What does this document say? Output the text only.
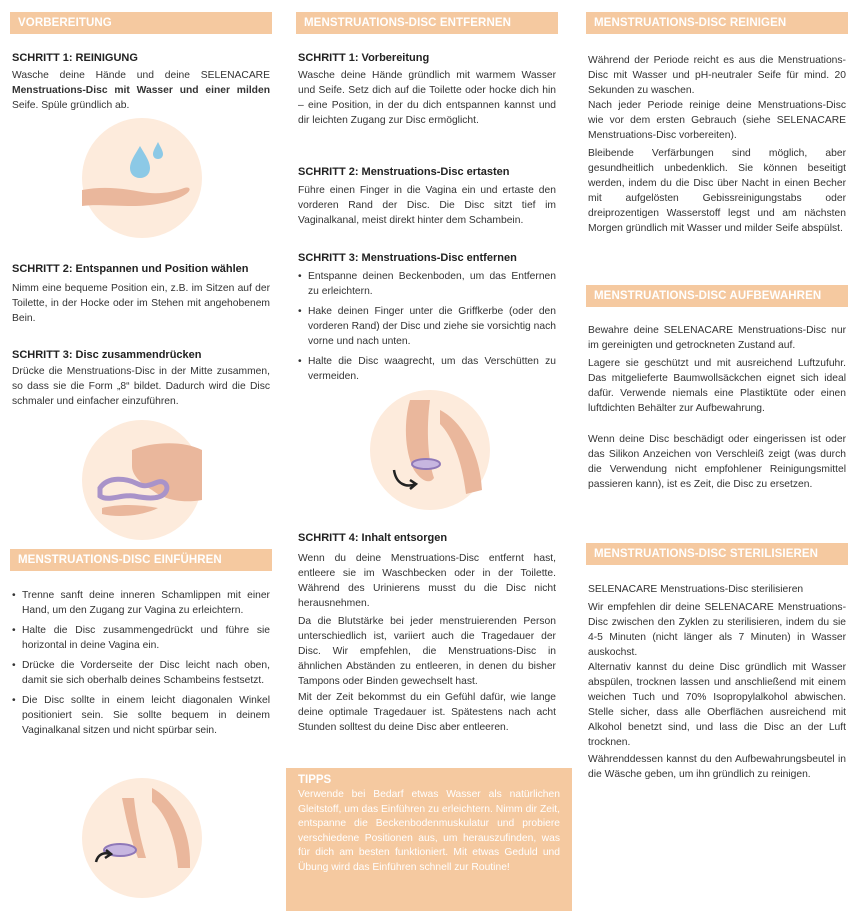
VORBEREITUNG
SCHRITT 1: REINIGUNG

Wasche deine Hände und deine SELENACARE Menstruations-Disc mit Wasser und einer milden Seife. Spüle gründlich ab.

SCHRITT 2: Entspannen und Position wählen

Nimm eine bequeme Position ein, z.B. im Sitzen auf der Toilette, in der Hocke oder im Stehen mit angehobenem Bein.

SCHRITT 3: Disc zusammendrücken

Drücke die Menstruations-Disc in der Mitte zusammen, so dass sie die Form „8“ bildet. Dadurch wird die Disc schmaler und einfacher einzuführen.

MENSTRUATIONS-DISC EINFÜHREN
• Trenne sanft deine inneren Schamlippen mit einer Hand, um den Zugang zur Vagina zu erleichtern.
• Halte die Disc zusammengedrückt und führe sie horizontal in deine Vagina ein.
• Drücke die Vorderseite der Disc leicht nach oben, damit sie sich oberhalb deines Schambeins festsetzt.
• Die Disc sollte in einem leicht diagonalen Winkel positioniert sein. Sie sollte bequem in deinem Vaginalkanal sitzen und nicht spürbar sein.
MENSTRUATIONS-DISC ENTFERNEN
SCHRITT 1: Vorbereitung

Wasche deine Hände gründlich mit warmem Wasser und Seife. Setz dich auf die Toilette oder hocke dich hin – eine Position, in der du dich entspannen kannst und dir leichten Zugang zur Disc ermöglicht.

SCHRITT 2: Menstruations-Disc ertasten

Führe einen Finger in die Vagina ein und ertaste den vorderen Rand der Disc. Die Disc sitzt tief im Vaginalkanal, meist direkt hinter dem Schambein.

SCHRITT 3: Menstruations-Disc entfernen
• Entspanne deinen Beckenboden, um das Entfernen zu erleichtern.
• Hake deinen Finger unter die Griffkerbe (oder den vorderen Rand) der Disc und ziehe sie vorsichtig nach vorne und nach unten.
• Halte die Disc waagrecht, um das Verschütten zu vermeiden.
SCHRITT 4: Inhalt entsorgen

Wenn du deine Menstruations-Disc entfernt hast, entleere sie im Waschbecken oder in der Toilette. Während des Urinierens musst du die Disc nicht herausnehmen.

Da die Blutstärke bei jeder menstruierenden Person unterschiedlich ist, variiert auch die Tragedauer der Disc. Wir empfehlen, die Menstruations-Disc in ähnlichen Abständen zu entleeren, in denen du bisher Tampons oder Binden gewechselt hast.

Mit der Zeit bekommst du ein Gefühl dafür, wie lange deine optimale Tragedauer ist. Spätestens nach acht Stunden solltest du deine Disc aber entleeren.

TIPPS
Verwende bei Bedarf etwas Wasser als natürlichen Gleitstoff, um das Einführen zu erleichtern. Nimm dir Zeit, entspanne die Beckenbodenmuskulatur und probiere verschiedene Positionen aus, um herauszufinden, was für dich am besten funktioniert. Mit etwas Geduld und Übung wird das Einführen schnell zur Routine!
MENSTRUATIONS-DISC REINIGEN

Während der Periode reicht es aus die Menstruations-Disc mit Wasser und pH-neutraler Seife für mind. 20 Sekunden zu waschen.

Nach jeder Periode reinige deine Menstruations-Disc wie vor dem ersten Gebrauch (siehe SELENACARE Menstruations-Disc vorbereiten).

Bleibende Verfärbungen sind möglich, aber gesundheitlich unbedenklich. Sie können beseitigt werden, indem du die Disc über Nacht in einen Becher mit aufgelösten Gebissreinigungstabs oder dreiprozentigen Wasserstoff legst und am nächsten Morgen gründlich mit Wasser und milder Seife abspülst.

MENSTRUATIONS-DISC AUFBEWAHREN

Bewahre deine SELENACARE Menstruations-Disc nur im gereinigten und getrockneten Zustand auf.

Lagere sie geschützt und mit ausreichend Luftzufuhr. Das mitgelieferte Baumwollsäckchen eignet sich ideal dafür. Verwende niemals eine Plastiktüte oder einen luftdichten Behälter zur Aufbewahrung.

Wenn deine Disc beschädigt oder eingerissen ist oder das Silikon Anzeichen von Verschleiß zeigt (was durch die Verwendung nicht empfohlener Reinigungsmittel passieren kann), ist es Zeit, die Disc zu ersetzen.

MENSTRUATIONS-DISC STERILISIEREN

SELENACARE Menstruations-Disc sterilisieren

Wir empfehlen dir deine SELENACARE Menstruations-Disc zwischen den Zyklen zu sterilisieren, indem du sie 4-5 Minuten (nicht länger als 7 Minuten) in Wasser auskochst.

Alternativ kannst du deine Disc gründlich mit Wasser abspülen, trocknen lassen und anschließend mit einem weichen Tuch und 70% Isopropylalkohol abwischen. Stelle sicher, dass alle Oberflächen ausreichend mit Alkohol benetzt sind, und lass die Disc an der Luft trocknen.

Währenddessen kannst du den Aufbewahrungsbeutel in die Wäsche geben, um ihn gründlich zu reinigen.
